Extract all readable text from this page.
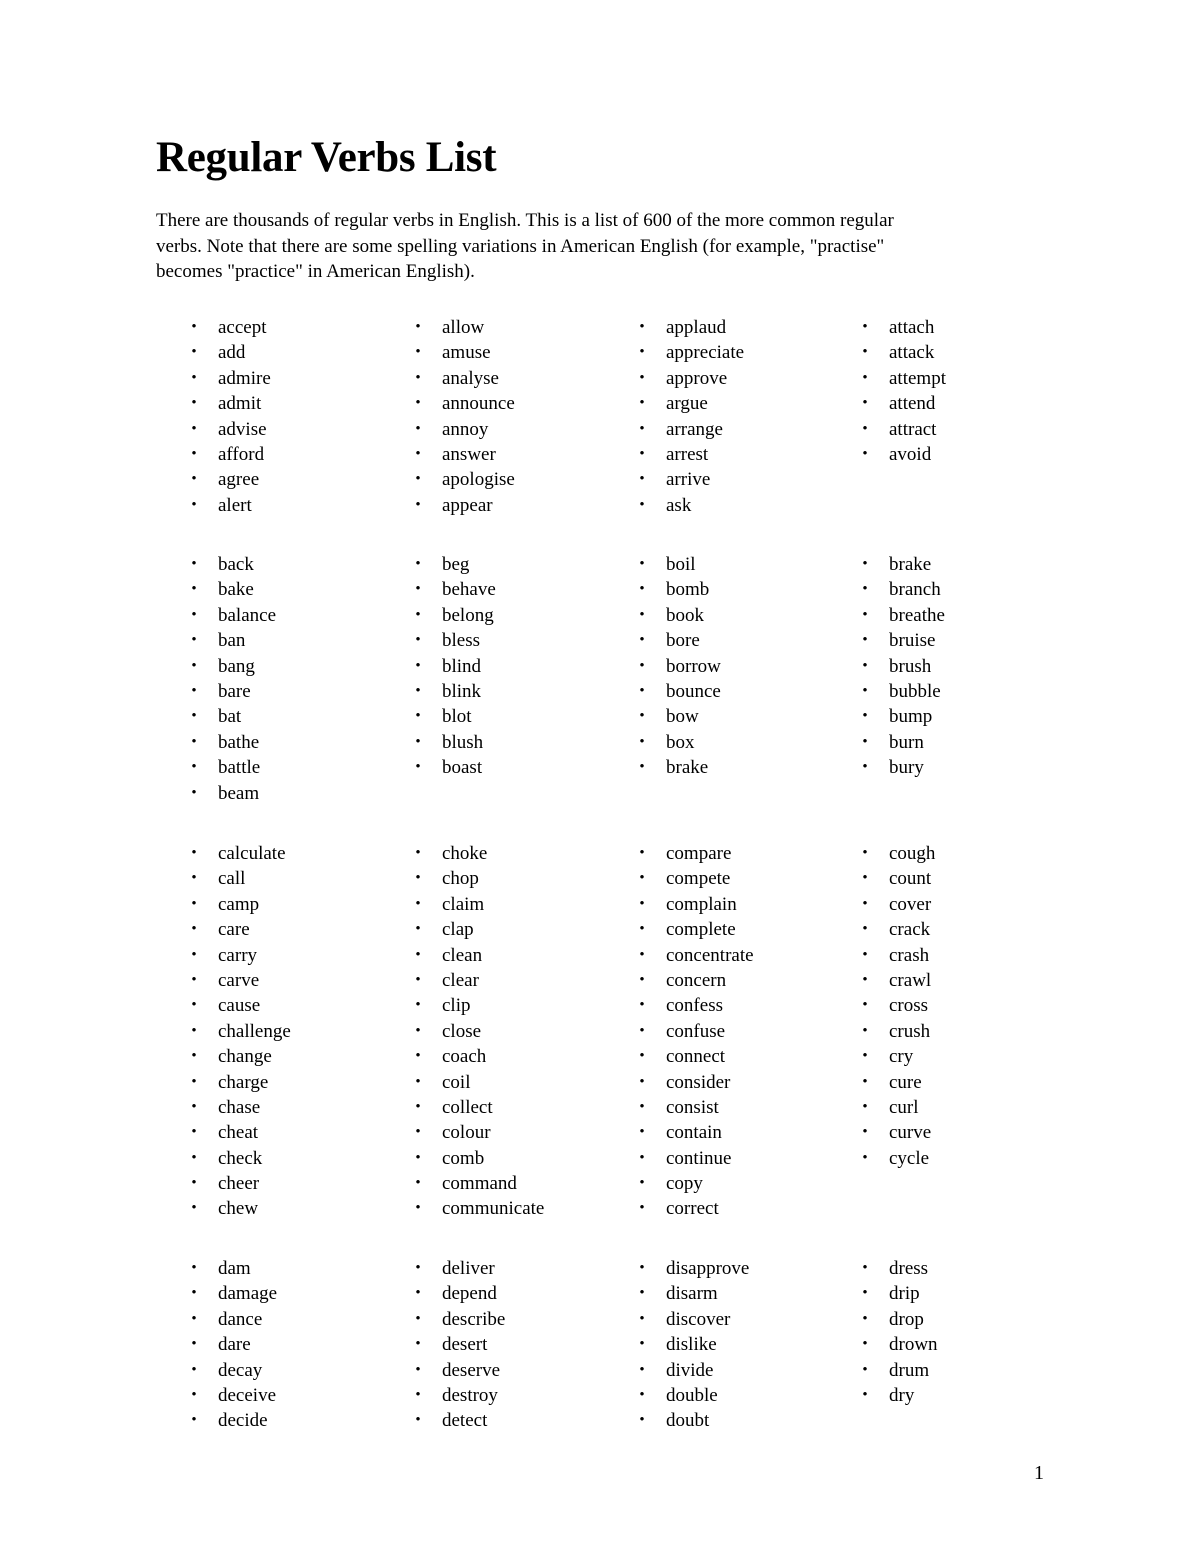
Regular Verbs List

There are thousands of regular verbs in English. This is a list of 600 of the more common regular
verbs. Note that there are some spelling variations in American English (for example, "practise"
becomes "practice" in American English).

• accept
• add
• admire
• admit
• advise
• afford
• agree
• alert
• allow
• amuse
• analyse
• announce
• annoy
• answer
• apologise
• appear
• applaud
• appreciate
• approve
• argue
• arrange
• arrest
• arrive
• ask
• attach
• attack
• attempt
• attend
• attract
• avoid
• back
• bake
• balance
• ban
• bang
• bare
• bat
• bathe
• battle
• beam
• beg
• behave
• belong
• bless
• blind
• blink
• blot
• blush
• boast
• boil
• bomb
• book
• bore
• borrow
• bounce
• bow
• box
• brake
• brake
• branch
• breathe
• bruise
• brush
• bubble
• bump
• burn
• bury
• calculate
• call
• camp
• care
• carry
• carve
• cause
• challenge
• change
• charge
• chase
• cheat
• check
• cheer
• chew
• choke
• chop
• claim
• clap
• clean
• clear
• clip
• close
• coach
• coil
• collect
• colour
• comb
• command
• communicate
• compare
• compete
• complain
• complete
• concentrate
• concern
• confess
• confuse
• connect
• consider
• consist
• contain
• continue
• copy
• correct
• cough
• count
• cover
• crack
• crash
• crawl
• cross
• crush
• cry
• cure
• curl
• curve
• cycle
• dam
• damage
• dance
• dare
• decay
• deceive
• decide
• deliver
• depend
• describe
• desert
• deserve
• destroy
• detect
• disapprove
• disarm
• discover
• dislike
• divide
• double
• doubt
• dress
• drip
• drop
• drown
• drum
• dry
1
